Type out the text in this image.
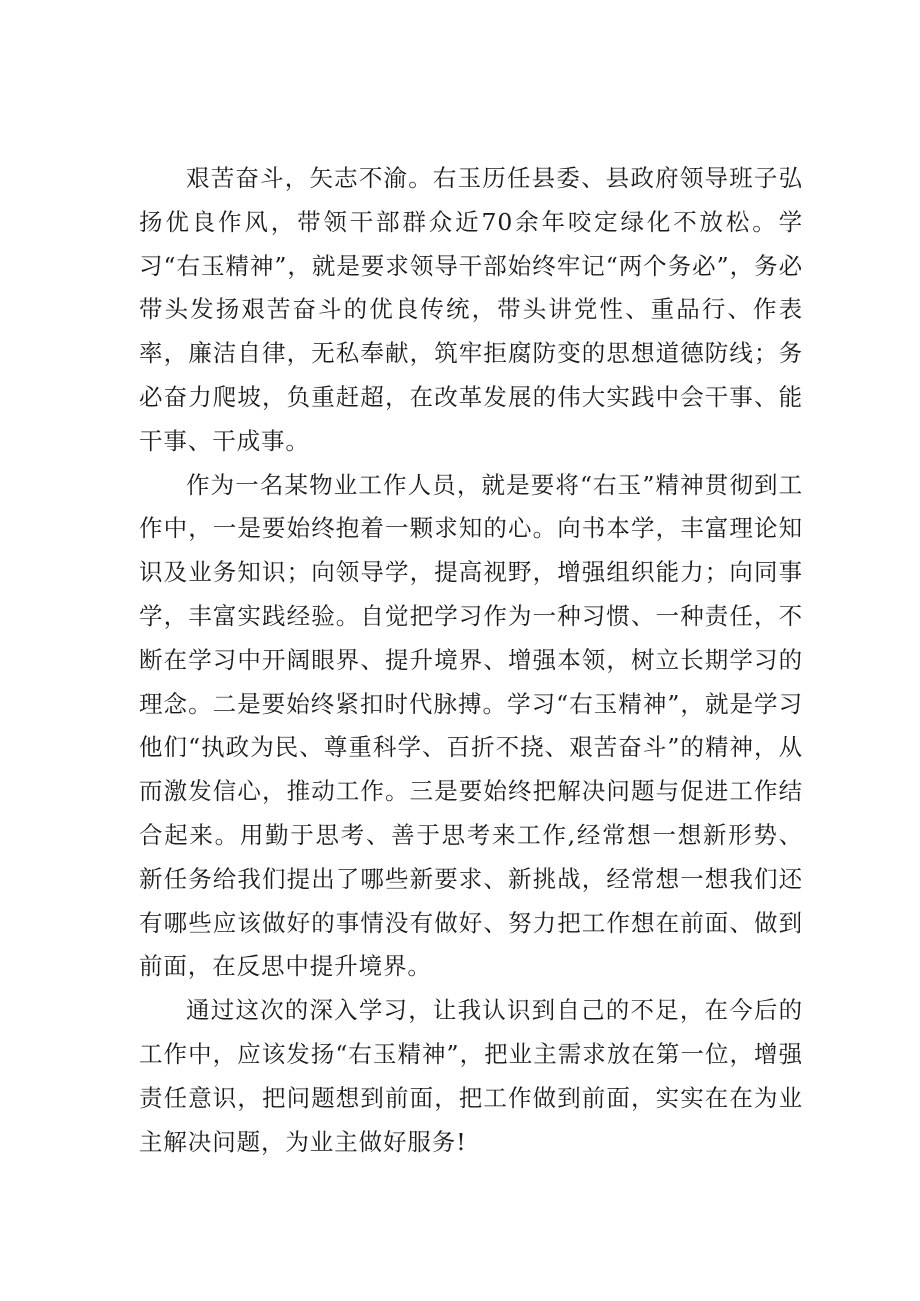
艰苦奋斗，矢志不渝。右玉历任县委、县政府领导班子弘扬优良作风，带领干部群众近70余年咬定绿化不放松。学习“右玉精神”，就是要求领导干部始终牢记“两个务必”，务必带头发扬艰苦奋斗的优良传统，带头讲党性、重品行、作表率，廉洁自律，无私奉献，筑牢拒腐防变的思想道德防线；务必奋力爬坡，负重赶超，在改革发展的伟大实践中会干事、能干事、干成事。

作为一名某物业工作人员，就是要将“右玉”精神贯彻到工作中，一是要始终抱着一颗求知的心。向书本学，丰富理论知识及业务知识；向领导学，提高视野，增强组织能力；向同事学，丰富实践经验。自觉把学习作为一种习惯、一种责任，不断在学习中开阔眼界、提升境界、增强本领，树立长期学习的理念。二是要始终紧扣时代脉搏。学习“右玉精神”，就是学习他们“执政为民、尊重科学、百折不挠、艰苦奋斗”的精神，从而激发信心，推动工作。三是要始终把解决问题与促进工作结合起来。用勤于思考、善于思考来工作,经常想一想新形势、新任务给我们提出了哪些新要求、新挑战，经常想一想我们还有哪些应该做好的事情没有做好、努力把工作想在前面、做到前面，在反思中提升境界。

通过这次的深入学习，让我认识到自己的不足，在今后的工作中，应该发扬“右玉精神”，把业主需求放在第一位，增强责任意识，把问题想到前面，把工作做到前面，实实在在为业主解决问题，为业主做好服务!
